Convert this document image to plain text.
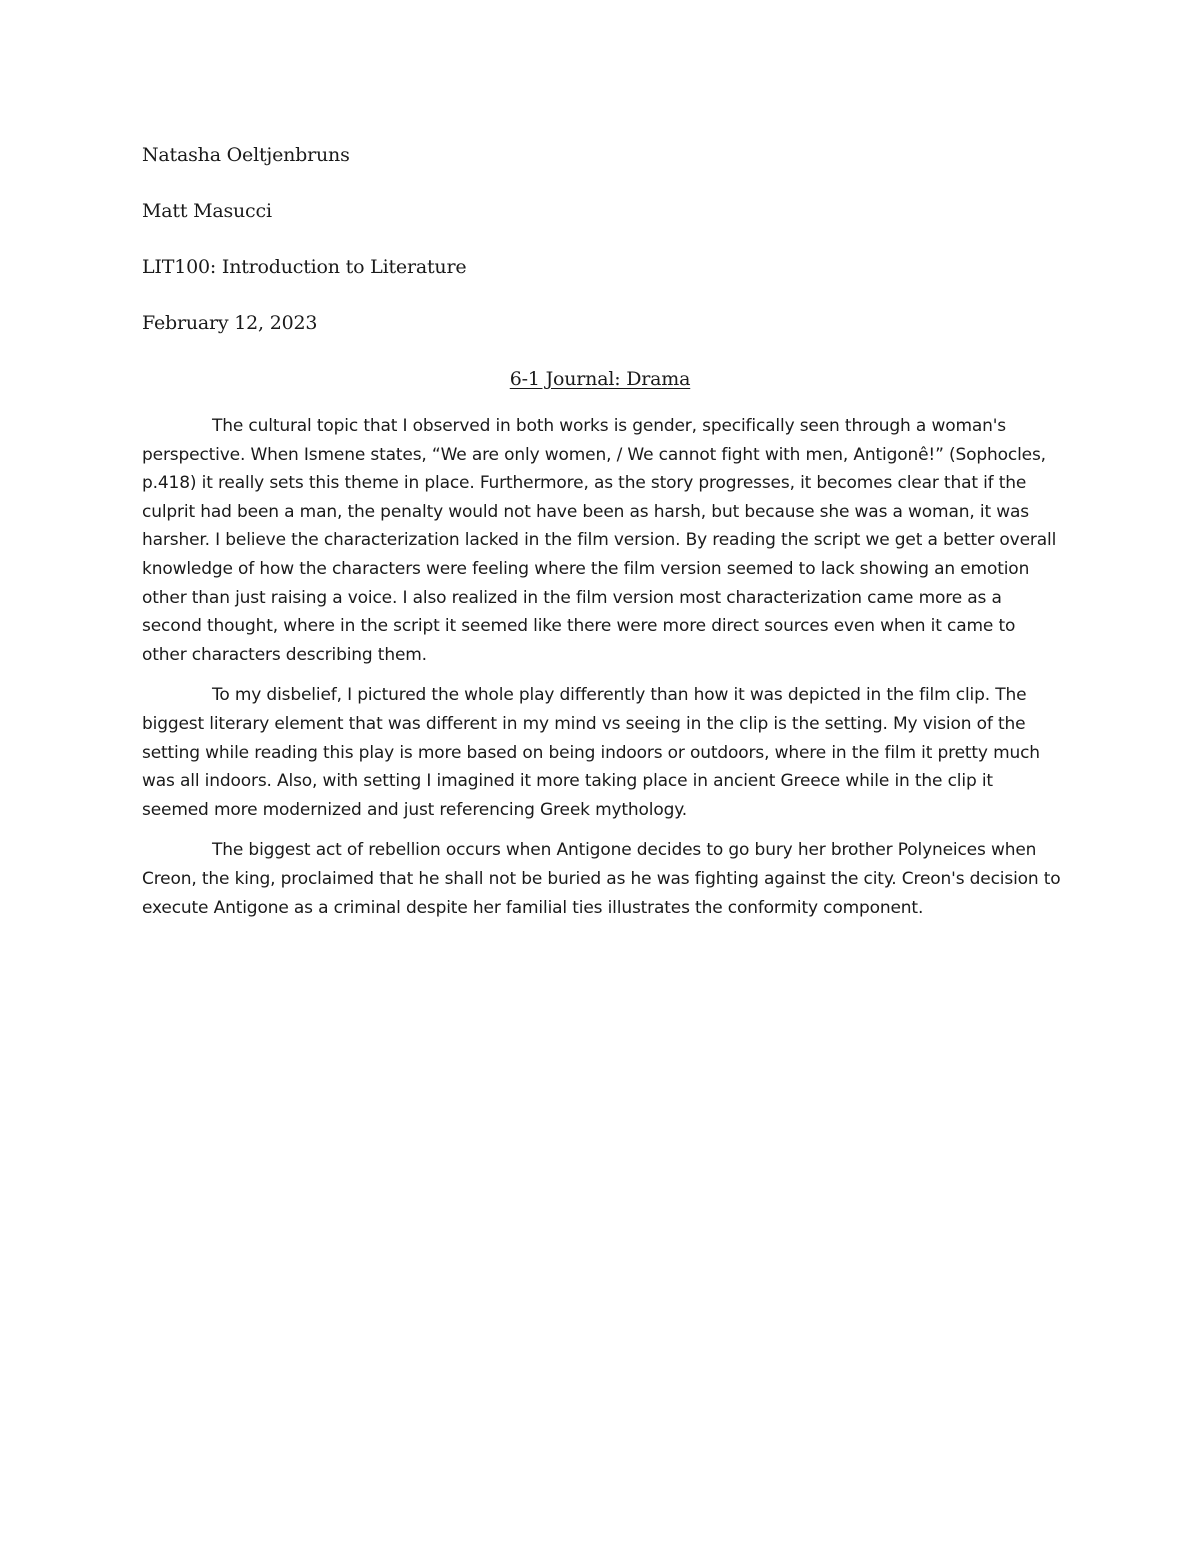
Natasha Oeltjenbruns
Matt Masucci
LIT100: Introduction to Literature
February 12, 2023
6-1 Journal: Drama

The cultural topic that I observed in both works is gender, specifically seen through a woman's perspective. When Ismene states, “We are only women, / We cannot fight with men, Antigonê!” (Sophocles, p.418) it really sets this theme in place. Furthermore, as the story progresses, it becomes clear that if the culprit had been a man, the penalty would not have been as harsh, but because she was a woman, it was harsher. I believe the characterization lacked in the film version. By reading the script we get a better overall knowledge of how the characters were feeling where the film version seemed to lack showing an emotion other than just raising a voice. I also realized in the film version most characterization came more as a second thought, where in the script it seemed like there were more direct sources even when it came to other characters describing them.

To my disbelief, I pictured the whole play differently than how it was depicted in the film clip. The biggest literary element that was different in my mind vs seeing in the clip is the setting. My vision of the setting while reading this play is more based on being indoors or outdoors, where in the film it pretty much was all indoors. Also, with setting I imagined it more taking place in ancient Greece while in the clip it seemed more modernized and just referencing Greek mythology.

The biggest act of rebellion occurs when Antigone decides to go bury her brother Polyneices when Creon, the king, proclaimed that he shall not be buried as he was fighting against the city. Creon's decision to execute Antigone as a criminal despite her familial ties illustrates the conformity component.
